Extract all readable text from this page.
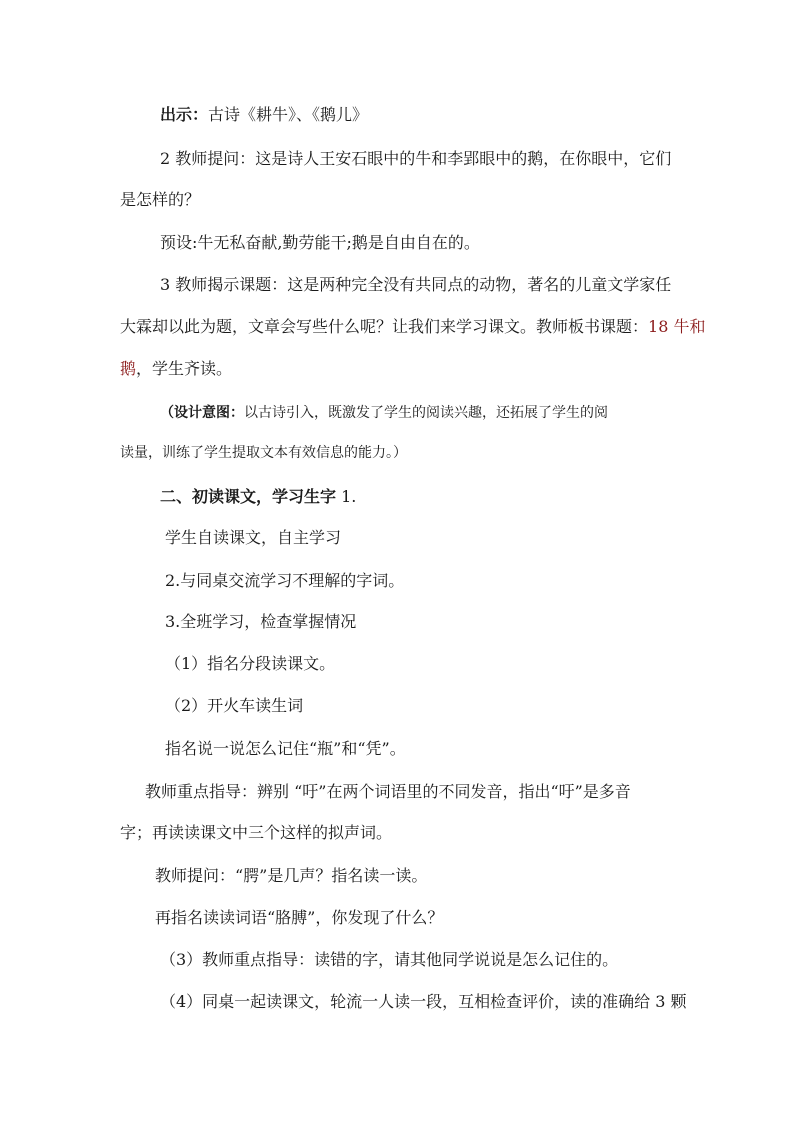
出示：古诗《耕牛》、《鹅儿》
2 教师提问：这是诗人王安石眼中的牛和李郢眼中的鹅，在你眼中，它们
是怎样的？
预设:牛无私奋献,勤劳能干;鹅是自由自在的。
3 教师揭示课题：这是两种完全没有共同点的动物，著名的儿童文学家任
大霖却以此为题，文章会写些什么呢？让我们来学习课文。教师板书课题：18 牛和
鹅，学生齐读。
（设计意图：以古诗引入，既激发了学生的阅读兴趣，还拓展了学生的阅
读量，训练了学生提取文本有效信息的能力。）
二、初读课文，学习生字 1.
学生自读课文，自主学习
2.与同桌交流学习不理解的字词。
3.全班学习，检查掌握情况
（1）指名分段读课文。
（2）开火车读生词
指名说一说怎么记住“瓶”和“凭”。
教师重点指导：辨别 “吁”在两个词语里的不同发音，指出“吁”是多音
字；再读读课文中三个这样的拟声词。
教师提问：“腭”是几声？指名读一读。
再指名读读词语“胳膊”，你发现了什么？
（3）教师重点指导：读错的字，请其他同学说说是怎么记住的。
（4）同桌一起读课文，轮流一人读一段，互相检查评价，读的准确给 3 颗
